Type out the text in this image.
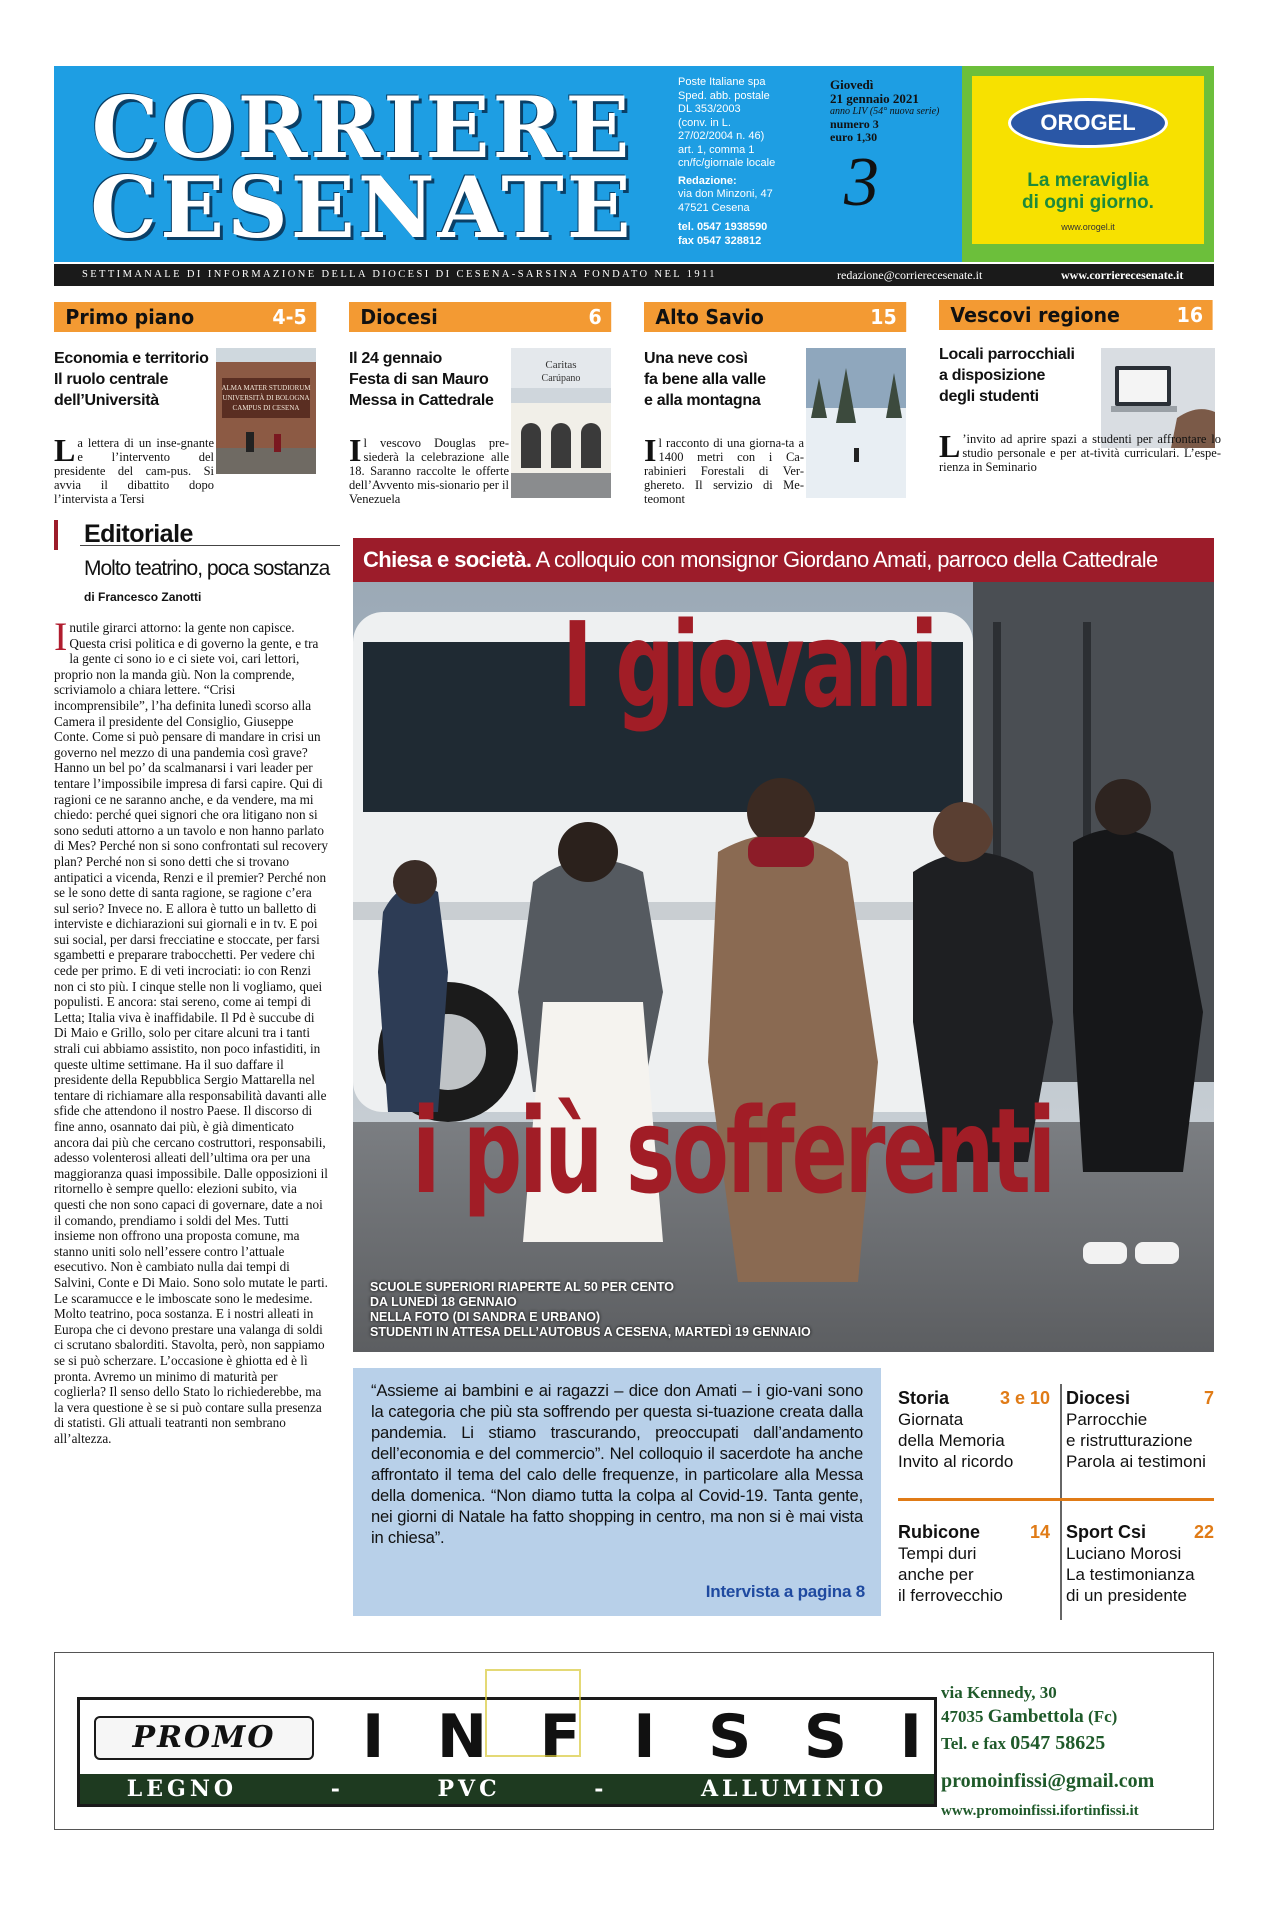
CORRIERE
CESENATE
Poste Italiane spa
Sped. abb. postale
DL 353/2003
(conv. in L.
27/02/2004 n. 46)
art. 1, comma 1
cn/fc/giornale locale
Redazione:
via don Minzoni, 47
47521 Cesena
tel. 0547 1938590
fax 0547 328812
Giovedì
21 gennaio 2021
anno LIV (54° nuova serie)
numero 3
euro 1,30
3
OROGEL
La meraviglia
di ogni giorno.
www.orogel.it
SETTIMANALE DI INFORMAZIONE DELLA DIOCESI DI CESENA-SARSINA FONDATO NEL 1911	redazione@corrierecesenate.it	www.corrierecesenate.it
Primo piano	4-5
Economia e territorio
Il ruolo centrale
dell’Università
ALMA MATER STUDIORUM
UNIVERSITÀ DI BOLOGNA
CAMPUS DI CESENA
La lettera di un inse-gnante e l’intervento del presidente del cam-pus. Si avvia il dibattito dopo l’intervista a Tersi
Diocesi	6
Il 24 gennaio
Festa di san Mauro
Messa in Cattedrale
Caritas
Carúpano
Il vescovo Douglas pre-siederà la celebrazione alle 18. Saranno raccolte le offerte dell’Avvento mis-sionario per il Venezuela
Alto Savio	15
Una neve così
fa bene alla valle
e alla montagna
Il racconto di una giorna-ta a 1400 metri con i Ca-rabinieri Forestali di Ver-ghereto. Il servizio di Me-teomont
Vescovi regione	16
Locali parrocchiali
a disposizione
degli studenti
L ’invito ad aprire spazi a studenti per affrontare lo studio personale e per at-tività curriculari. L’espe-rienza in Seminario
Editoriale
Molto teatrino, poca sostanza
di Francesco Zanotti
Inutile girarci attorno: la gente non capisce. Questa crisi politica e di governo la gente, e tra la gente ci sono io e ci siete voi, cari lettori, proprio non la manda giù. Non la comprende, scriviamolo a chiara lettere. “Crisi incomprensibile”, l’ha definita lunedì scorso alla Camera il presidente del Consiglio, Giuseppe Conte. Come si può pensare di mandare in crisi un governo nel mezzo di una pandemia così grave? Hanno un bel po’ da scalmanarsi i vari leader per tentare l’impossibile impresa di farsi capire. Qui di ragioni ce ne saranno anche, e da vendere, ma mi chiedo: perché quei signori che ora litigano non si sono seduti attorno a un tavolo e non hanno parlato di Mes? Perché non si sono confrontati sul recovery plan? Perché non si sono detti che si trovano antipatici a vicenda, Renzi e il premier? Perché non se le sono dette di santa ragione, se ragione c’era sul serio? Invece no. E allora è tutto un balletto di interviste e dichiarazioni sui giornali e in tv. E poi sui social, per darsi frecciatine e stoccate, per farsi sgambetti e preparare trabocchetti. Per vedere chi cede per primo. E di veti incrociati: io con Renzi non ci sto più. I cinque stelle non li vogliamo, quei populisti. E ancora: stai sereno, come ai tempi di Letta; Italia viva è inaffidabile. Il Pd è succube di Di Maio e Grillo, solo per citare alcuni tra i tanti strali cui abbiamo assistito, non poco infastiditi, in queste ultime settimane. Ha il suo daffare il presidente della Repubblica Sergio Mattarella nel tentare di richiamare alla responsabilità davanti alle sfide che attendono il nostro Paese. Il discorso di fine anno, osannato dai più, è già dimenticato ancora dai più che cercano costruttori, responsabili, adesso volenterosi alleati dell’ultima ora per una maggioranza quasi impossibile. Dalle opposizioni il ritornello è sempre quello: elezioni subito, via questi che non sono capaci di governare, date a noi il comando, prendiamo i soldi del Mes. Tutti insieme non offrono una proposta comune, ma stanno uniti solo nell’essere contro l’attuale esecutivo. Non è cambiato nulla dai tempi di Salvini, Conte e Di Maio. Sono solo mutate le parti. Le scaramucce e le imboscate sono le medesime. Molto teatrino, poca sostanza. E i nostri alleati in Europa che ci devono prestare una valanga di soldi ci scrutano sbalorditi. Stavolta, però, non sappiamo se si può scherzare. L’occasione è ghiotta ed è lì pronta. Avremo un minimo di maturità per coglierla? Il senso dello Stato lo richiederebbe, ma la vera questione è se si può contare sulla presenza di statisti. Gli attuali teatranti non sembrano all’altezza.
Chiesa e società. A colloquio con monsignor Giordano Amati, parroco della Cattedrale
I giovani
i più sofferenti
SCUOLE SUPERIORI RIAPERTE AL 50 PER CENTO
DA LUNEDÌ 18 GENNAIO
NELLA FOTO (DI SANDRA E URBANO)
STUDENTI IN ATTESA DELL’AUTOBUS A CESENA, MARTEDÌ 19 GENNAIO
“Assieme ai bambini e ai ragazzi – dice don Amati – i gio-vani sono la categoria che più sta soffrendo per questa si-tuazione creata dalla pandemia. Li stiamo trascurando, preoccupati dall’andamento dell’economia e del commercio”. Nel colloquio il sacerdote ha anche affrontato il tema del calo delle frequenze, in particolare alla Messa della domenica. “Non diamo tutta la colpa al Covid-19. Tanta gente, nei giorni di Natale ha fatto shopping in centro, ma non si è mai vista in chiesa”.
Intervista a pagina 8
Storia	3 e 10
Giornata
della Memoria
Invito al ricordo
Diocesi	7
Parrocchie
e ristrutturazione
Parola ai testimoni
Rubicone	14
Tempi duri
anche per
il ferrovecchio
Sport Csi	22
Luciano Morosi
La testimonianza
di un presidente
PROMO	I N F I S S I
LEGNO	-	PVC	-	ALLUMINIO
via Kennedy, 30
47035 Gambettola (Fc)
Tel. e fax 0547 58625
promoinfissi@gmail.com
www.promoinfissi.ifortinfissi.it
